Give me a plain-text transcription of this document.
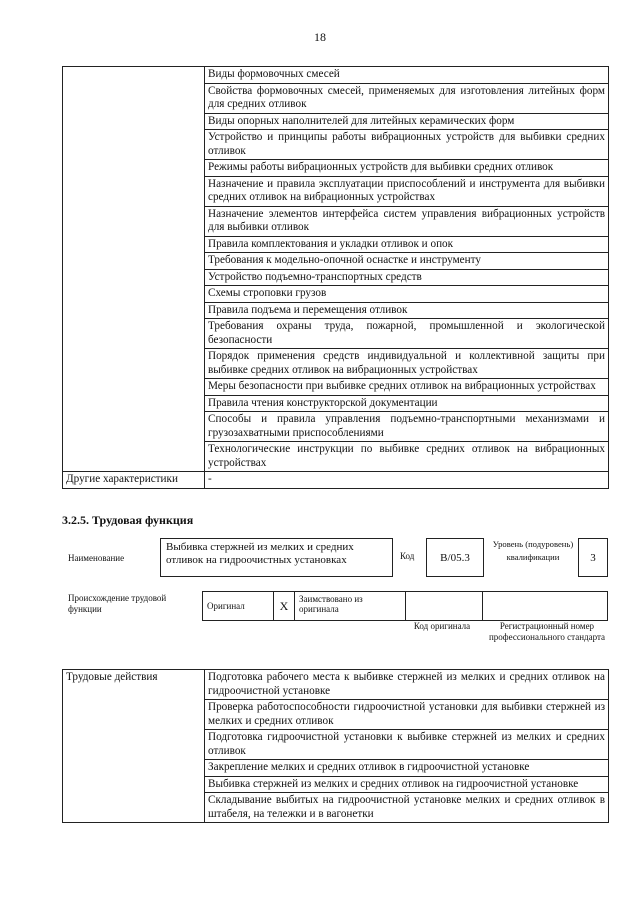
18
	Виды формовочных смесей
	Свойства формовочных смесей, применяемых для изготовления литейных форм для средних отливок
	Виды опорных наполнителей для литейных керамических форм
	Устройство и принципы работы вибрационных устройств для выбивки средних отливок
	Режимы работы вибрационных устройств для выбивки средних отливок
	Назначение и правила эксплуатации приспособлений и инструмента для выбивки средних отливок на вибрационных устройствах
	Назначение элементов интерфейса систем управления вибрационных устройств для выбивки отливок
	Правила комплектования и укладки отливок и опок
	Требования к модельно-опочной оснастке и инструменту
	Устройство подъемно-транспортных средств
	Схемы строповки грузов
	Правила подъема и перемещения отливок
	Требования охраны труда, пожарной, промышленной и экологической безопасности
	Порядок применения средств индивидуальной и коллективной защиты при выбивке средних отливок на вибрационных устройствах
	Меры безопасности при выбивке средних отливок на вибрационных устройствах
	Правила чтения конструкторской документации
	Способы и правила управления подъемно-транспортными механизмами и грузозахватными приспособлениями
	Технологические инструкции по выбивке средних отливок на вибрационных устройствах
Другие характеристики	-
3.2.5. Трудовая функция
Наименование
Выбивка стержней из мелких и средних отливок на гидроочистных установках	Код	B/05.3
Уровень (подуровень) квалификации	3
Происхождение трудовой функции	Оригинал	X	Заимствовано из оригинала		
Код оригинала	Регистрационный номер профессионального стандарта
Трудовые действия	Подготовка рабочего места к выбивке стержней из мелких и средних отливок на гидроочистной установке
Проверка работоспособности гидроочистной установки для выбивки стержней из мелких и средних отливок
Подготовка гидроочистной установки к выбивке стержней из мелких и средних отливок
Закрепление мелких и средних отливок в гидроочистной установке
Выбивка стержней из мелких и средних отливок на гидроочистной установке
Складывание выбитых на гидроочистной установке мелких и средних отливок в штабеля, на тележки и в вагонетки
